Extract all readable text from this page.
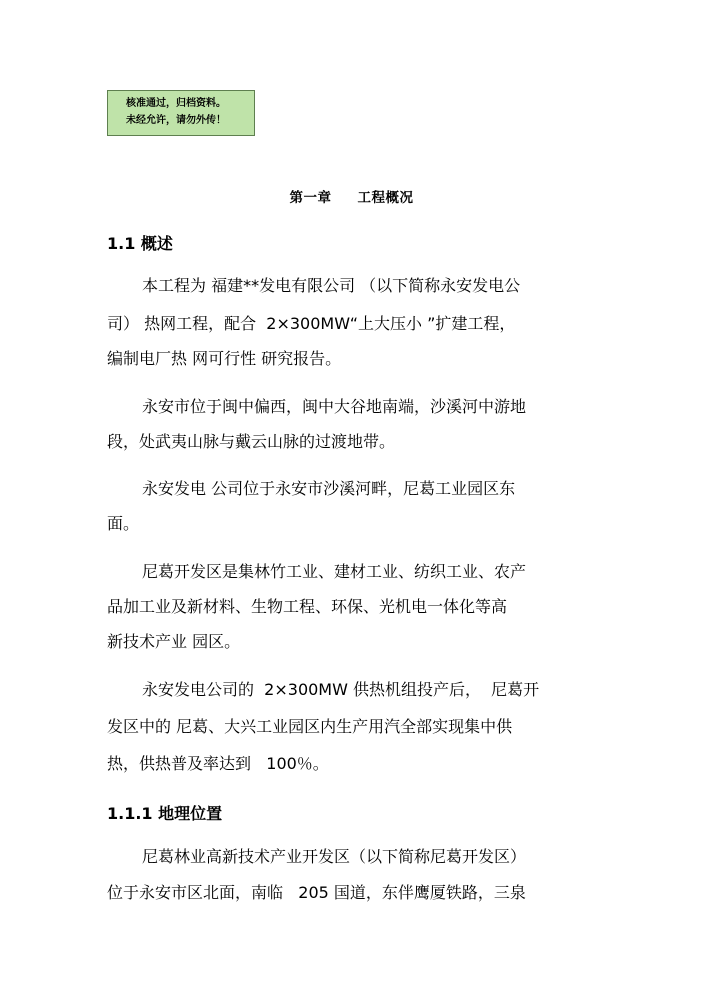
核准通过，归档资料。
未经允许，请勿外传！
第一章     工程概况
1.1 概述
本工程为 福建**发电有限公司 （以下简称永安发电公
司） 热网工程，配合  2×300MW“上大压小 ”扩建工程，
编制电厂热 网可行性 研究报告。
永安市位于闽中偏西，闽中大谷地南端，沙溪河中游地
段，处武夷山脉与戴云山脉的过渡地带。
永安发电 公司位于永安市沙溪河畔，尼葛工业园区东
面。
尼葛开发区是集林竹工业、建材工业、纺织工业、农产
品加工业及新材料、生物工程、环保、光机电一体化等高
新技术产业 园区。
永安发电公司的  2×300MW 供热机组投产后，  尼葛开
发区中的 尼葛、大兴工业园区内生产用汽全部实现集中供
热，供热普及率达到   100％。
1.1.1 地理位置
尼葛林业高新技术产业开发区（以下简称尼葛开发区）
位于永安市区北面，南临   205 国道，东伴鹰厦铁路，三泉
